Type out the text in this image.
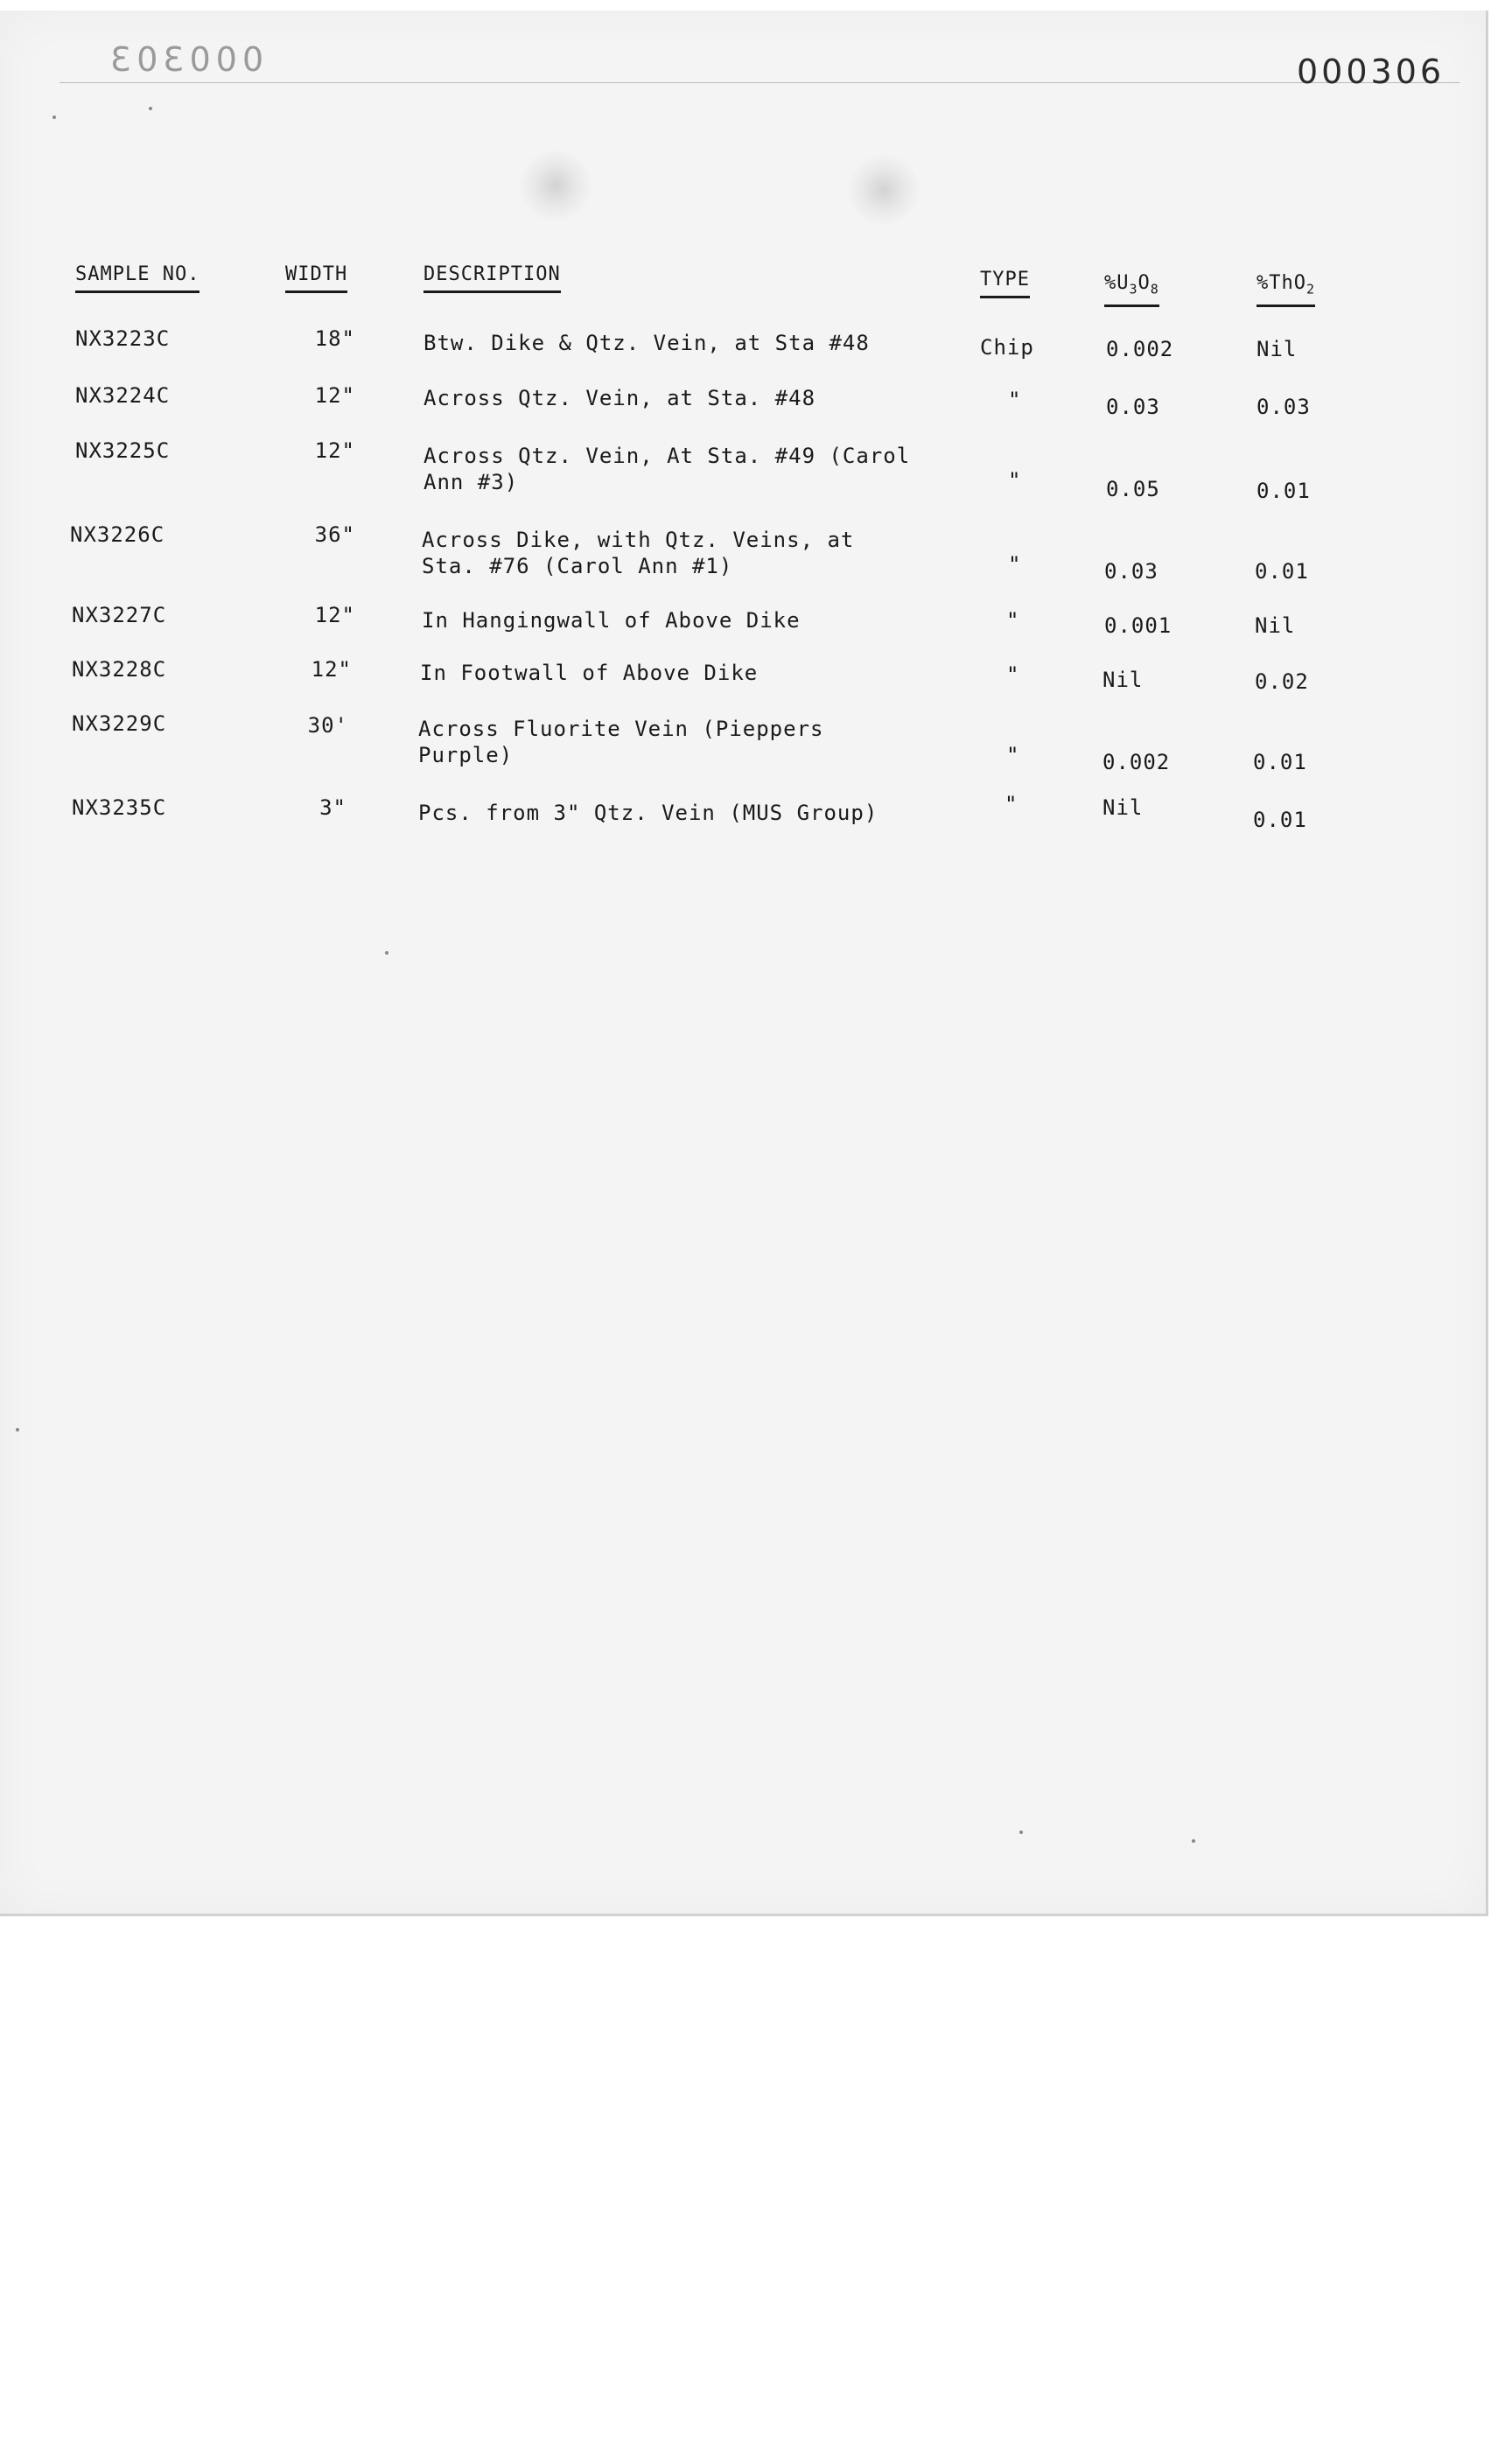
000303	000306
SAMPLE NO.	WIDTH	DESCRIPTION	TYPE	$\%U_3O_8$	%ThO$_2$
NX3223C	18"	Btw. Dike & Qtz. Vein, at Sta #48	Chip	0.002	Nil
NX3224C	12"	Across Qtz. Vein, at Sta. #48	"	0.03	0.03
NX3225C	12"	Across Qtz. Vein, At Sta. #49 (Carol Ann #3)	"	0.05	0.01
NX3226C	36"	Across Dike, with Qtz. Veins, at Sta. #76 (Carol Ann #1)	"	0.03	0.01
NX3227C	12"	In Hangingwall of Above Dike	"	0.001	Nil
NX3228C	12"	In Footwall of Above Dike	"	Nil	0.02
NX3229C	30'	Across Fluorite Vein (Pieppers Purple)	"	0.002	0.01
NX3235C	3"	Pcs. from 3" Qtz. Vein (MUS Group)	"	Nil	0.01
